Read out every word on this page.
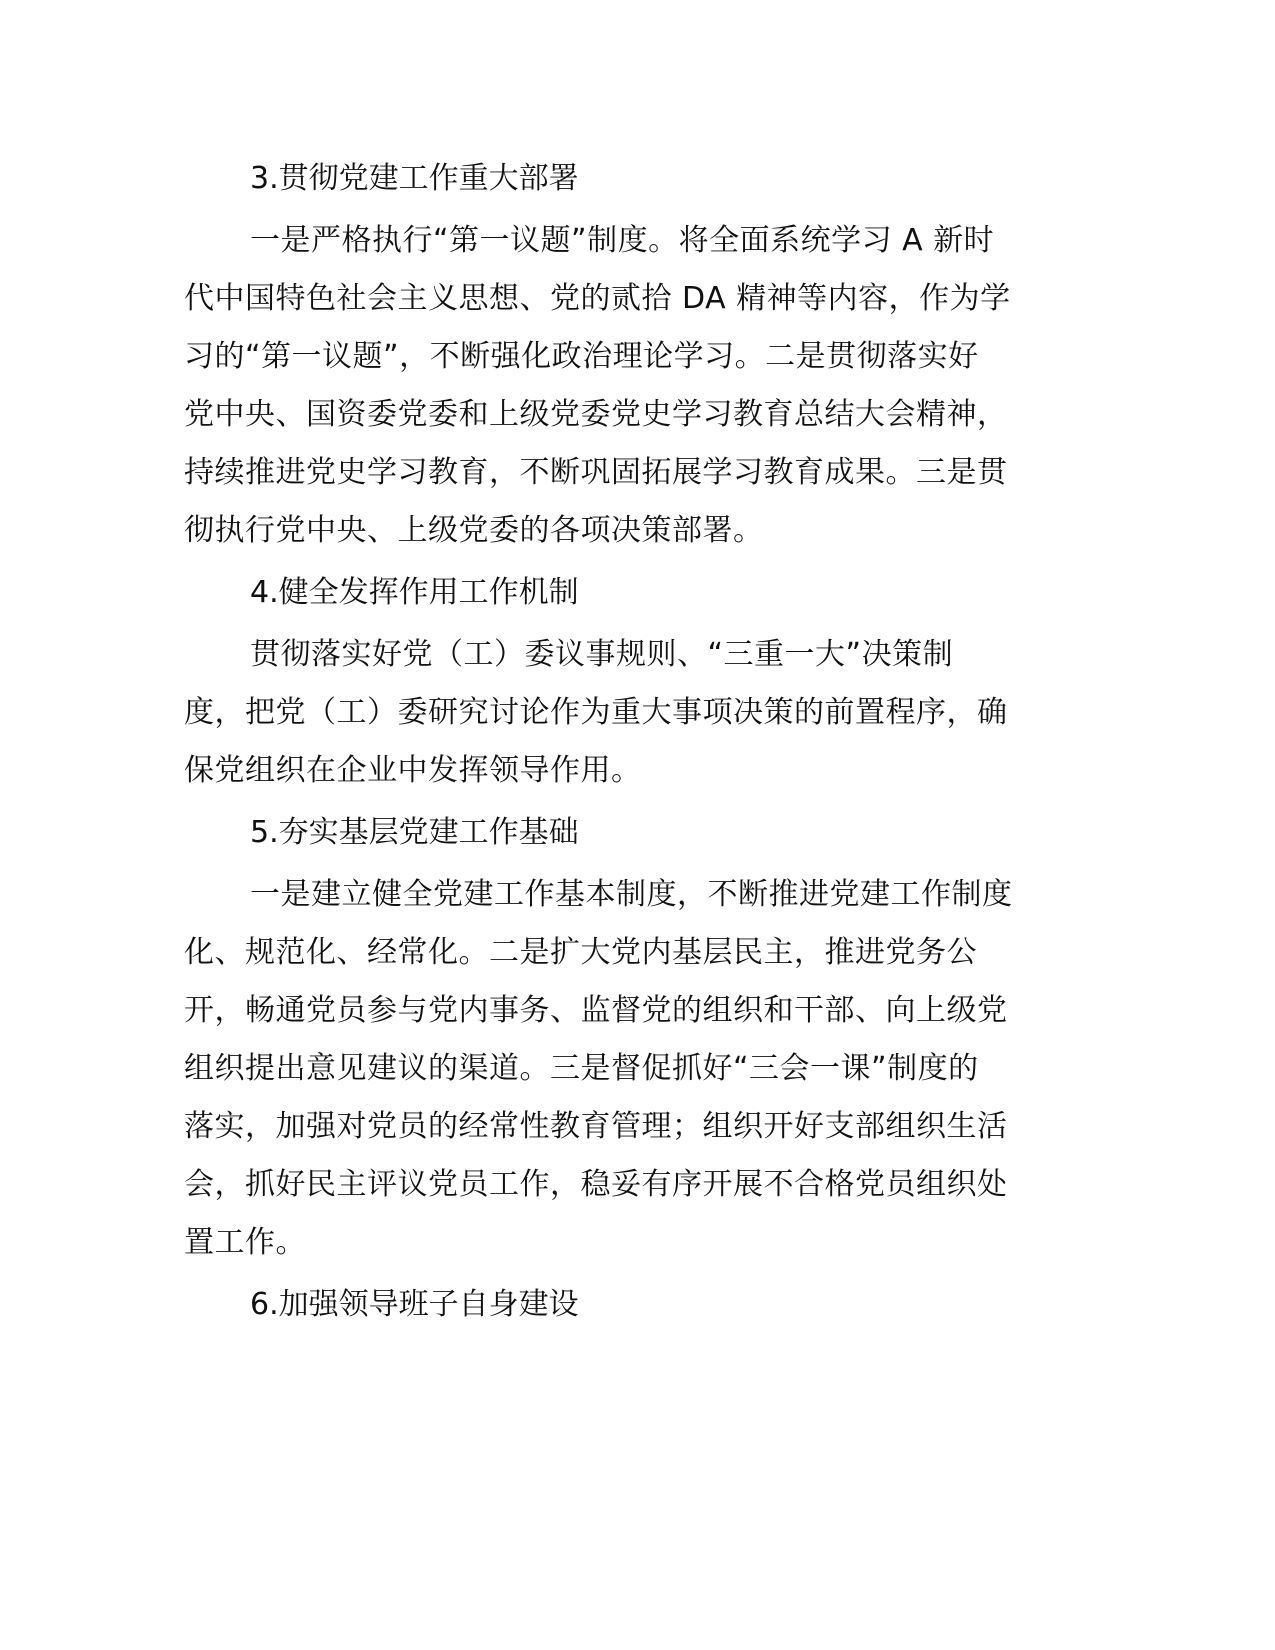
3.贯彻党建工作重大部署
一是严格执行“第一议题”制度。将全面系统学习 A 新时
代中国特色社会主义思想、党的贰拾 DA 精神等内容，作为学
习的“第一议题”，不断强化政治理论学习。二是贯彻落实好
党中央、国资委党委和上级党委党史学习教育总结大会精神，
持续推进党史学习教育，不断巩固拓展学习教育成果。三是贯
彻执行党中央、上级党委的各项决策部署。
4.健全发挥作用工作机制
贯彻落实好党（工）委议事规则、“三重一大”决策制
度，把党（工）委研究讨论作为重大事项决策的前置程序，确
保党组织在企业中发挥领导作用。
5.夯实基层党建工作基础
一是建立健全党建工作基本制度，不断推进党建工作制度
化、规范化、经常化。二是扩大党内基层民主，推进党务公
开，畅通党员参与党内事务、监督党的组织和干部、向上级党
组织提出意见建议的渠道。三是督促抓好“三会一课”制度的
落实，加强对党员的经常性教育管理；组织开好支部组织生活
会，抓好民主评议党员工作，稳妥有序开展不合格党员组织处
置工作。
6.加强领导班子自身建设
